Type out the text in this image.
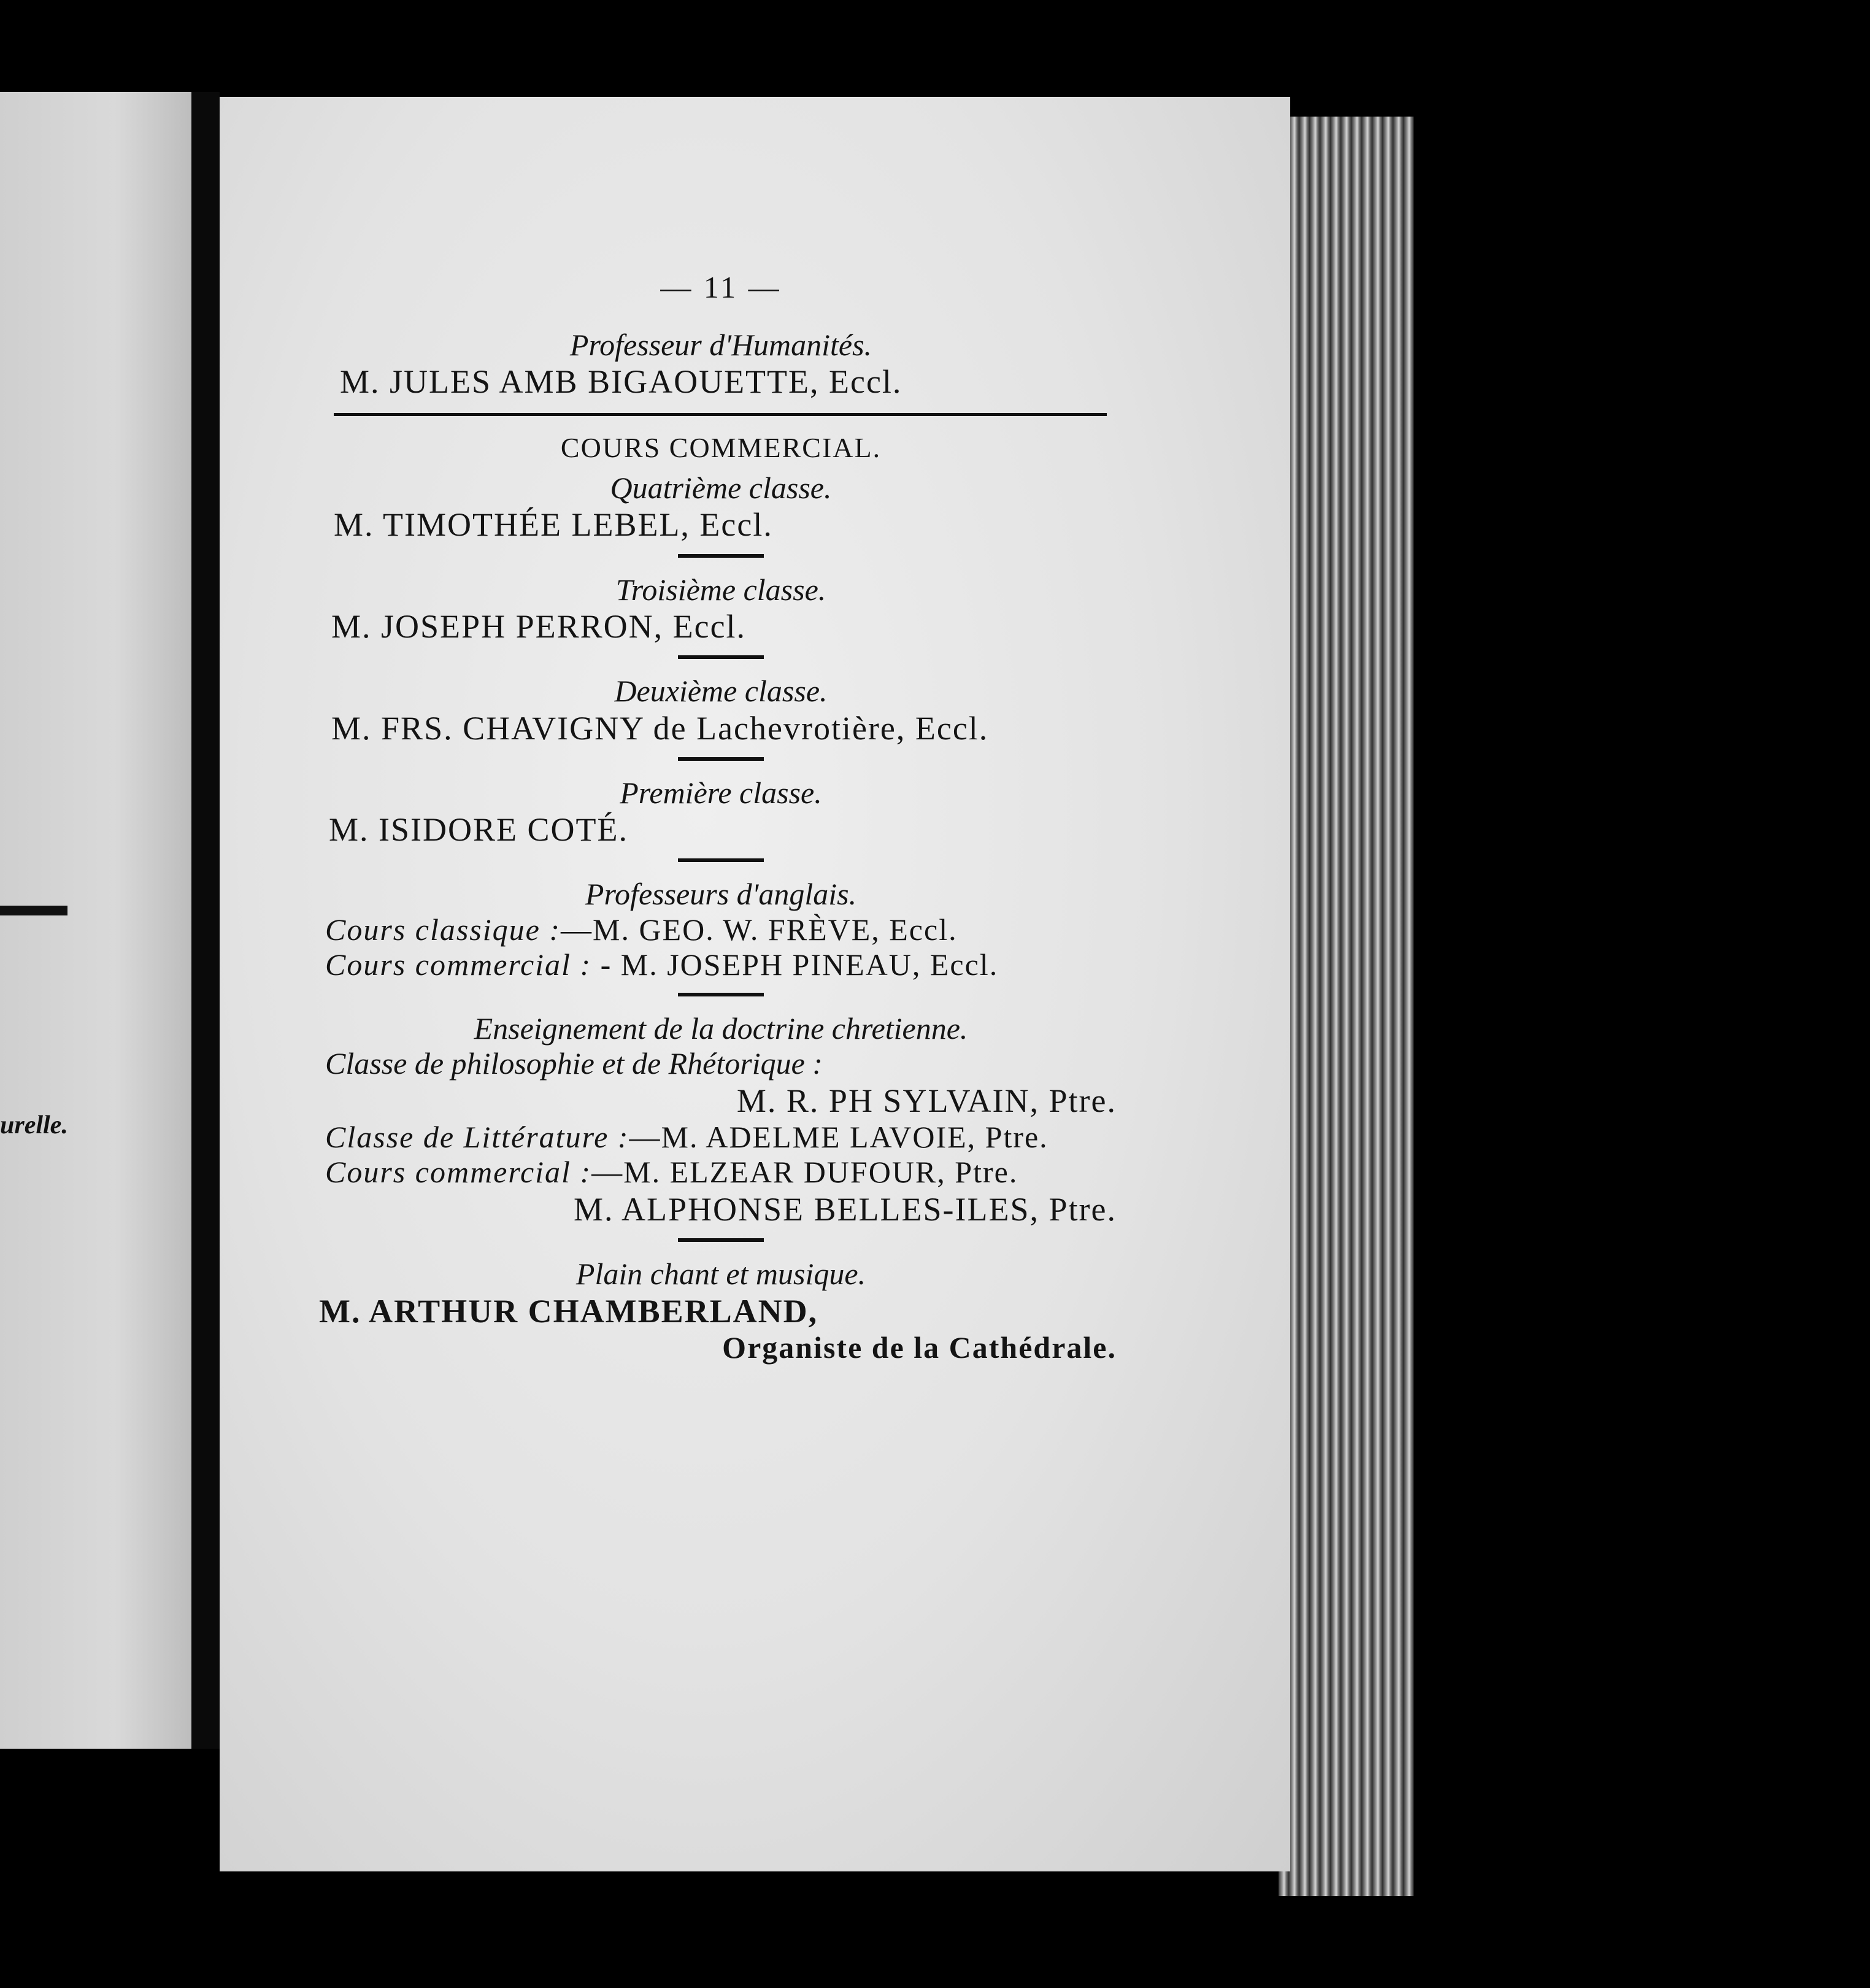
urelle.
— 11 —
Professeur d'Humanités.
M. JULES AMB BIGAOUETTE, Eccl.
COURS COMMERCIAL.
Quatrième classe.
M. TIMOTHÉE LEBEL, Eccl.
Troisième classe.
M. JOSEPH PERRON, Eccl.
Deuxième classe.
M. FRS. CHAVIGNY de Lachevrotière, Eccl.
Première classe.
M. ISIDORE COTÉ.
Professeurs d'anglais.
Cours classique :—M. GEO. W. FRÈVE, Eccl.
Cours commercial : - M. JOSEPH PINEAU, Eccl.
Enseignement de la doctrine chretienne.
Classe de philosophie et de Rhétorique :
M. R. PH SYLVAIN, Ptre.
Classe de Littérature :—M. ADELME LAVOIE, Ptre.
Cours commercial :—M. ELZEAR DUFOUR, Ptre.
M. ALPHONSE BELLES-ILES, Ptre.
Plain chant et musique.
M. ARTHUR CHAMBERLAND,
Organiste de la Cathédrale.
